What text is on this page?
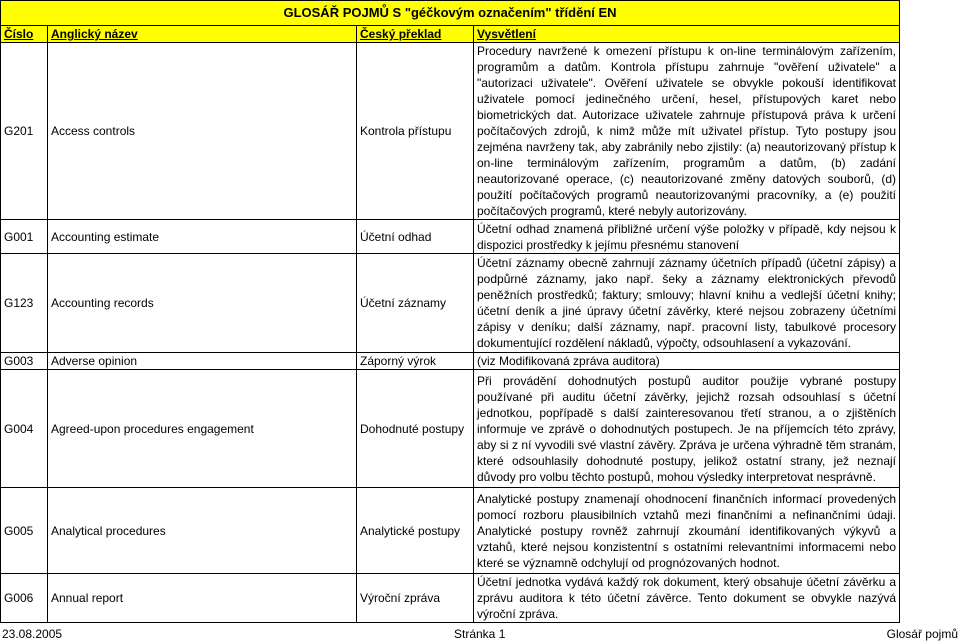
GLOSÁŘ POJMŮ S "géčkovým označením" třídění EN			
Číslo	Anglický název	Český překlad	Vysvětlení
G201	Access controls	Kontrola přístupu	Procedury navržené k omezení přístupu k on-line terminálovým zařízením, programům a datům. Kontrola přístupu zahrnuje "ověření uživatele" a "autorizaci uživatele". Ověření uživatele se obvykle pokouší identifikovat uživatele pomocí jedinečného určení, hesel, přístupových karet nebo biometrických dat. Autorizace uživatele zahrnuje přístupová práva k určení počítačových zdrojů, k nimž může mít uživatel přístup. Tyto postupy jsou zejména navrženy tak, aby zabránily nebo zjistily: (a) neautorizovaný přístup k on-line terminálovým zařízením, programům a datům, (b) zadání neautorizované operace, (c) neautorizované změny datových souborů, (d) použití počítačových programů neautorizovanými pracovníky, a (e) použití počítačových programů, které nebyly autorizovány.
G001	Accounting estimate	Účetní odhad	Účetní odhad znamená přibližné určení výše položky v případě, kdy nejsou k dispozici prostředky k jejímu přesnému stanovení
G123	Accounting records	Účetní záznamy	Účetní záznamy obecně zahrnují záznamy účetních případů (účetní zápisy) a podpůrné záznamy, jako např. šeky a záznamy elektronických převodů peněžních prostředků; faktury; smlouvy; hlavní knihu a vedlejší účetní knihy; účetní deník a jiné úpravy účetní závěrky, které nejsou zobrazeny účetními zápisy v deníku; další záznamy, např. pracovní listy, tabulkové procesory dokumentující rozdělení nákladů, výpočty, odsouhlasení a vykazování.
G003	Adverse opinion	Záporný výrok	(viz Modifikovaná zpráva auditora)
G004	Agreed-upon procedures engagement	Dohodnuté postupy	Při provádění dohodnutých postupů auditor použije vybrané postupy používané při auditu účetní závěrky, jejichž rozsah odsouhlasí s účetní jednotkou, popřípadě s další zainteresovanou třetí stranou, a o zjištěních informuje ve zprávě o dohodnutých postupech. Je na příjemcích této zprávy, aby si z ní vyvodili své vlastní závěry. Zpráva je určena výhradně těm stranám, které odsouhlasily dohodnuté postupy, jelikož ostatní strany, jež neznají důvody pro volbu těchto postupů, mohou výsledky interpretovat nesprávně.
G005	Analytical procedures	Analytické postupy	Analytické postupy znamenají ohodnocení finančních informací provedených pomocí rozboru plausibilních vztahů mezi finančními a nefinančními údaji. Analytické postupy rovněž zahrnují zkoumání identifikovaných výkyvů a vztahů, které nejsou konzistentní s ostatními relevantními informacemi nebo které se významně odchylují od prognózovaných hodnot.
G006	Annual report	Výroční zpráva	Účetní jednotka vydává každý rok dokument, který obsahuje účetní závěrku a zprávu auditora k této účetní závěrce. Tento dokument se obvykle nazývá výroční zpráva.
23.08.2005	Stránka 1	Glosář pojmů
